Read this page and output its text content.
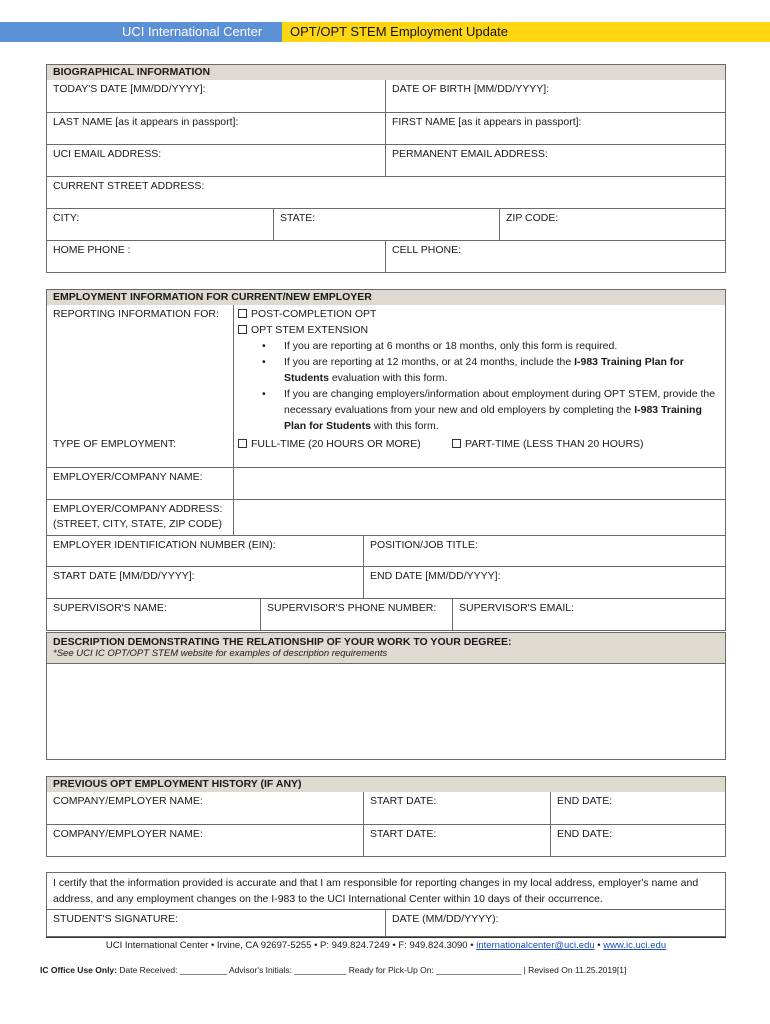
UCI International Center	OPT/OPT STEM Employment Update
BIOGRAPHICAL INFORMATION
TODAY'S DATE [MM/DD/YYYY]:	DATE OF BIRTH [MM/DD/YYYY]:
LAST NAME [as it appears in passport]:	FIRST NAME [as it appears in passport]:
UCI EMAIL ADDRESS:	PERMANENT EMAIL ADDRESS:
CURRENT STREET ADDRESS:
CITY:	STATE:	ZIP CODE:
HOME PHONE :	CELL PHONE:
EMPLOYMENT INFORMATION FOR CURRENT/NEW EMPLOYER
REPORTING INFORMATION FOR:	POST-COMPLETION OPT
OPT STEM EXTENSION
• If you are reporting at 6 months or 18 months, only this form is required.
• If you are reporting at 12 months, or at 24 months, include the I-983 Training Plan for Students evaluation with this form.
• If you are changing employers/information about employment during OPT STEM, provide the necessary evaluations from your new and old employers by completing the I-983 Training Plan for Students with this form.
TYPE OF EMPLOYMENT:	FULL-TIME (20 HOURS OR MORE)	PART-TIME (LESS THAN 20 HOURS)
EMPLOYER/COMPANY NAME:
EMPLOYER/COMPANY ADDRESS:
(STREET, CITY, STATE, ZIP CODE)
EMPLOYER IDENTIFICATION NUMBER (EIN):	POSITION/JOB TITLE:
START DATE [MM/DD/YYYY]:	END DATE [MM/DD/YYYY]:
SUPERVISOR'S NAME:	SUPERVISOR'S PHONE NUMBER:	SUPERVISOR'S EMAIL:
DESCRIPTION DEMONSTRATING THE RELATIONSHIP OF YOUR WORK TO YOUR DEGREE:
*See UCI IC OPT/OPT STEM website for examples of description requirements
PREVIOUS OPT EMPLOYMENT HISTORY (IF ANY)
COMPANY/EMPLOYER NAME:	START DATE:	END DATE:
COMPANY/EMPLOYER NAME:	START DATE:	END DATE:
I certify that the information provided is accurate and that I am responsible for reporting changes in my local address, employer's name and address, and any employment changes on the I-983 to the UCI International Center within 10 days of their occurrence.
STUDENT'S SIGNATURE:	DATE (MM/DD/YYYY):
UCI International Center • Irvine, CA 92697-5255 • P: 949.824.7249 • F: 949.824.3090 • internationalcenter@uci.edu • www.ic.uci.edu
IC Office Use Only: Date Received: __________ Advisor's Initials: ___________ Ready for Pick-Up On: __________________ | Revised On 11.25.2019[1]
